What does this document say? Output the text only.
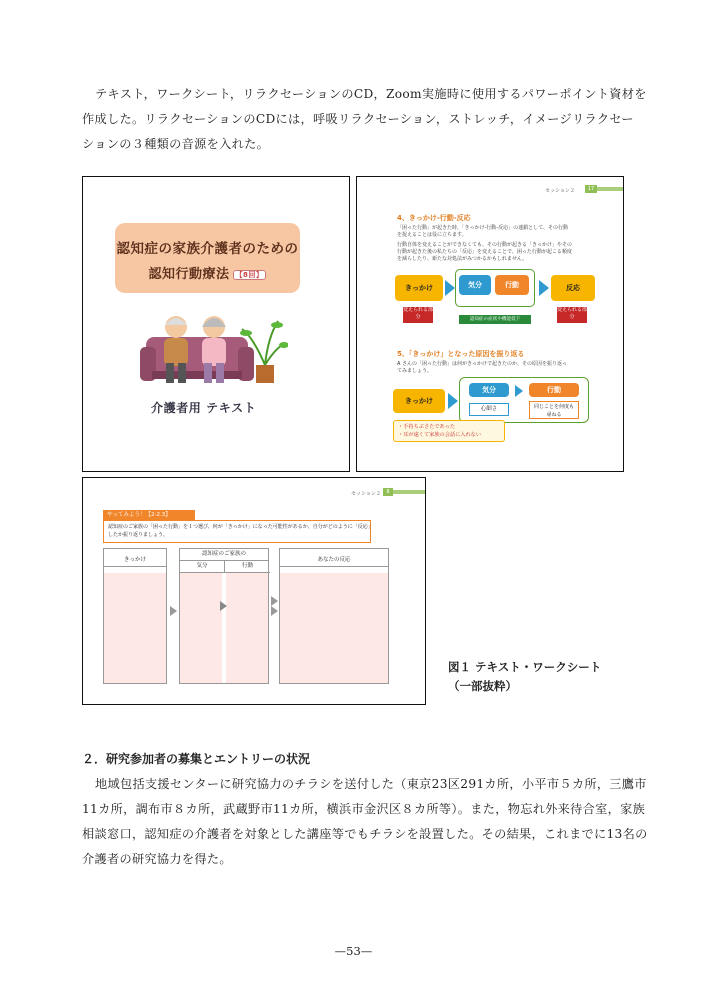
テキスト，ワークシート，リラクセーションのCD，Zoom実施時に使用するパワーポイント資材を
作成した。リラクセーションのCDには，呼吸リラクセーション，ストレッチ，イメージリラクセー
ションの３種類の音源を入れた。
認知症の家族介護者のための
認知行動療法 【8回】
介護者用 テキスト
セッション２	17
4、きっかけ-行動-反応
「困った行動」が起きた時、「きっかけ-行動-反応」の連鎖として、その行動
を捉えることは役に立ちます。
行動自体を変えることができなくても、その行動が起きる「きっかけ」やその
行動が起きた後の私たちの「反応」を変えることで、困った行動が起こる頻度
を減らしたり、新たな対処法がみつかるかもしれません。
きっかけ	気分	行動	反応
変えられる部分
変えられる部分
認知症の症状や機能低下
5、「きっかけ」となった原因を振り返る
A さんの「困った行動」は何がきっかけで起きたのか、その原因を振り返っ
てみましょう。
きっかけ
気分
心細さ
行動
同じことを何度も尋ねる
・手持ちぶさたであった
・耳が遠くて家族の会話に入れない
セッション２	8
やってみよう！【2-2.3】
認知症のご家族の「困った行動」を１つ選び、何が「きっかけ」になった可能性があるか、自分がどのように「反応」
したか振り返りましょう。
きっかけ
認知症のご家族の
気分	行動
あなたの反応
図１ テキスト・ワークシート
（一部抜粋）
２．研究参加者の募集とエントリーの状況
地域包括支援センターに研究協力のチラシを送付した（東京23区291カ所，小平市５カ所，三鷹市
11カ所，調布市８カ所，武蔵野市11カ所，横浜市金沢区８カ所等）。また，物忘れ外来待合室，家族
相談窓口，認知症の介護者を対象とした講座等でもチラシを設置した。その結果，これまでに13名の
介護者の研究協力を得た。
—53—
